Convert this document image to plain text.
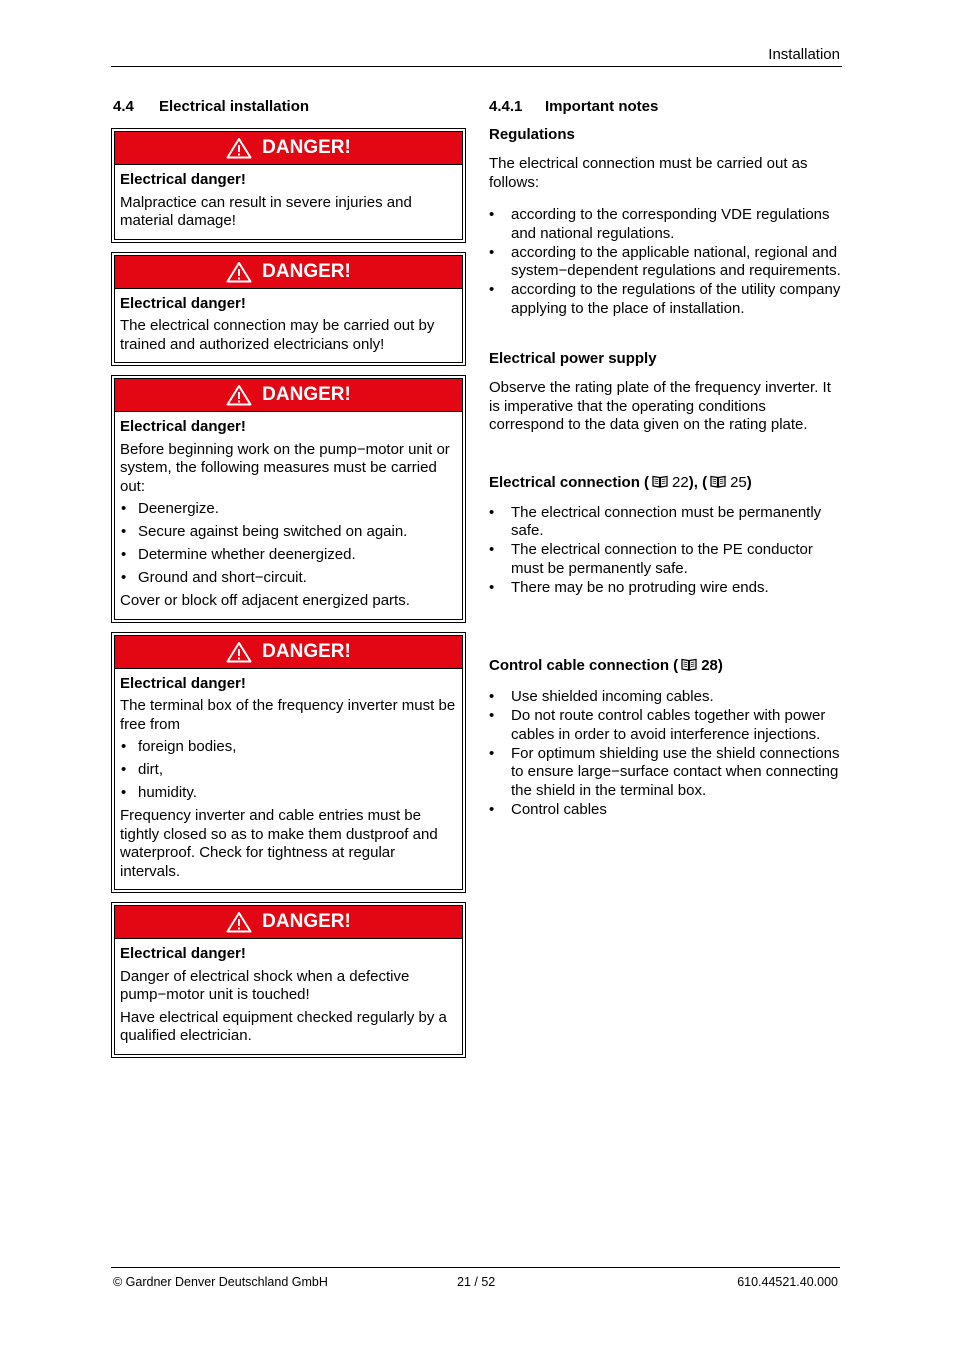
Installation
4.4 Electrical installation
DANGER!
Electrical danger!

Malpractice can result in severe injuries and material damage!

DANGER!
Electrical danger!

The electrical connection may be carried out by trained and authorized electricians only!

DANGER!
Electrical danger!

Before beginning work on the pump−motor unit or system, the following measures must be carried out:

• Deenergize.
• Secure against being switched on again.
• Determine whether deenergized.
• Ground and short−circuit.

Cover or block off adjacent energized parts.

DANGER!
Electrical danger!

The terminal box of the frequency inverter must be free from

• foreign bodies,
• dirt,
• humidity.

Frequency inverter and cable entries must be tightly closed so as to make them dustproof and waterproof. Check for tightness at regular intervals.

DANGER!
Electrical danger!

Danger of electrical shock when a defective pump−motor unit is touched!

Have electrical equipment checked regularly by a qualified electrician.

4.4.1 Important notes
Regulations

The electrical connection must be carried out as follows:

• according to the corresponding VDE regulations and national regulations.
• according to the applicable national, regional and system−dependent regulations and requirements.
• according to the regulations of the utility company applying to the place of installation.
Electrical power supply

Observe the rating plate of the frequency inverter. It is imperative that the operating conditions correspond to the data given on the rating plate.

Electrical connection ( 22), ( 25)
• The electrical connection must be permanently safe.
• The electrical connection to the PE conductor must be permanently safe.
• There may be no protruding wire ends.
Control cable connection ( 28)
• Use shielded incoming cables.
• Do not route control cables together with power cables in order to avoid interference injections.
• For optimum shielding use the shield connections to ensure large−surface contact when connecting the shield in the terminal box.
• Control cables
© Gardner Denver Deutschland GmbH	21 / 52	610.44521.40.000
